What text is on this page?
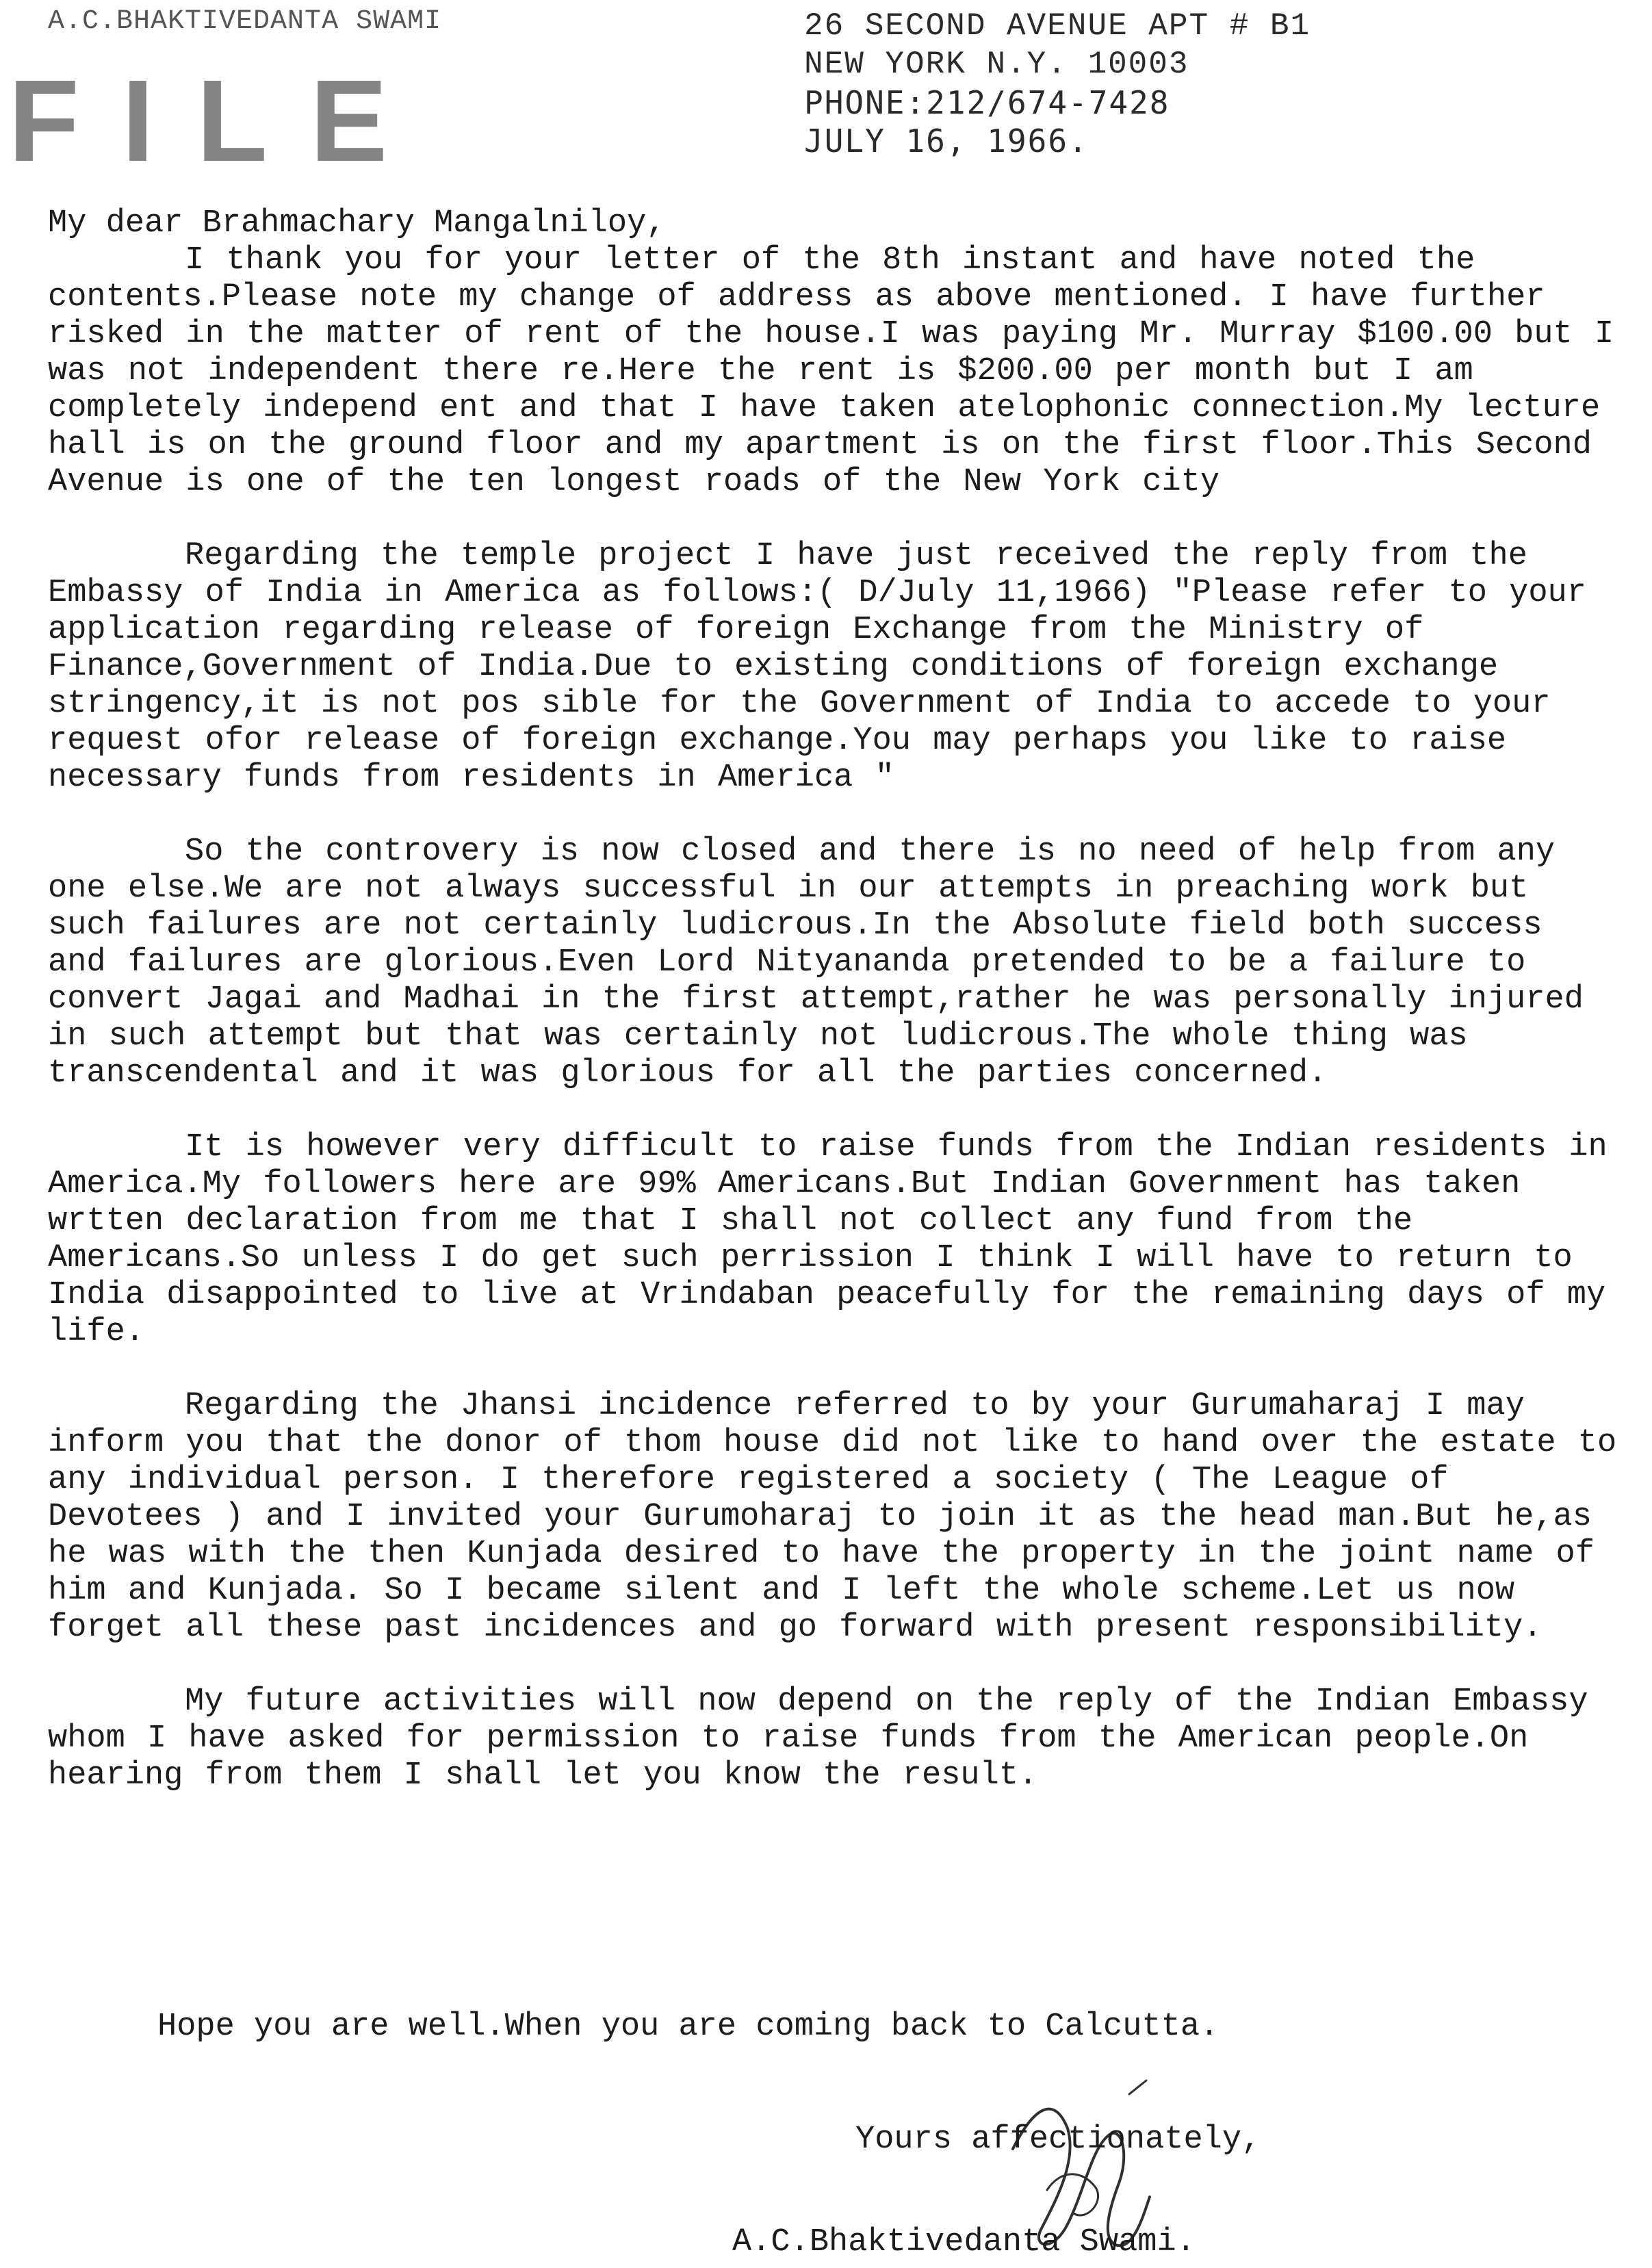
A.C.BHAKTIVEDANTA SWAMI
FILE
26 SECOND AVENUE APT # B1
NEW YORK N.Y. 10003
PHONE:212/674-7428
JULY 16, 1966.
My dear Brahmachary Mangalniloy,

I thank you for your letter of the 8th instant and have noted the contents.Please note my change of address as above mentioned. I have further risked in the matter of rent of the house.I was paying Mr. Murray $100.00 but I was not independent there re.Here the rent is $200.00 per month but I am completely independ ent and that I have taken atelophonic connection.My lecture hall is on the ground floor and my apartment is on the first floor.This Second Avenue is one of the ten longest roads of the New York city

Regarding the temple project I have just received the reply from the Embassy of India in America as follows:( D/July 11,1966) "Please refer to your application regarding release of foreign Exchange from the Ministry of Finance,Government of India.Due to existing conditions of foreign exchange stringency,it is not pos sible for the Government of India to accede to your request ofor release of foreign exchange.You may perhaps you like to raise necessary funds from residents in America "

So the controvery is now closed and there is no need of help from any one else.We are not always successful in our attempts in preaching work but such failures are not certainly ludicrous.In the Absolute field both success and failures are glorious.Even Lord Nityananda pretended to be a failure to convert Jagai and Madhai in the first attempt,rather he was personally injured in such attempt but that was certainly not ludicrous.The whole thing was transcendental and it was glorious for all the parties concerned.

It is however very difficult to raise funds from the Indian residents in America.My followers here are 99% Americans.But Indian Government has taken wrtten declaration from me that I shall not collect any fund from the Americans.So unless I do get such perrission I think I will have to return to India disappointed to live at Vrindaban peacefully for the remaining days of my life.

Regarding the Jhansi incidence referred to by your Gurumaharaj I may inform you that the donor of thom house did not like to hand over the estate to any individual person. I therefore registered a society ( The League of Devotees ) and I invited your Gurumoharaj to join it as the head man.But he,as he was with the then Kunjada desired to have the property in the joint name of him and Kunjada. So I became silent and I left the whole scheme.Let us now forget all these past incidences and go forward with present responsibility.

My future activities will now depend on the reply of the Indian Embassy whom I have asked for permission to raise funds from the American people.On hearing from them I shall let you know the result.

Hope you are well.When you are coming back to Calcutta.
Yours affectionately,
A.C.Bhaktivedanta Swami.
